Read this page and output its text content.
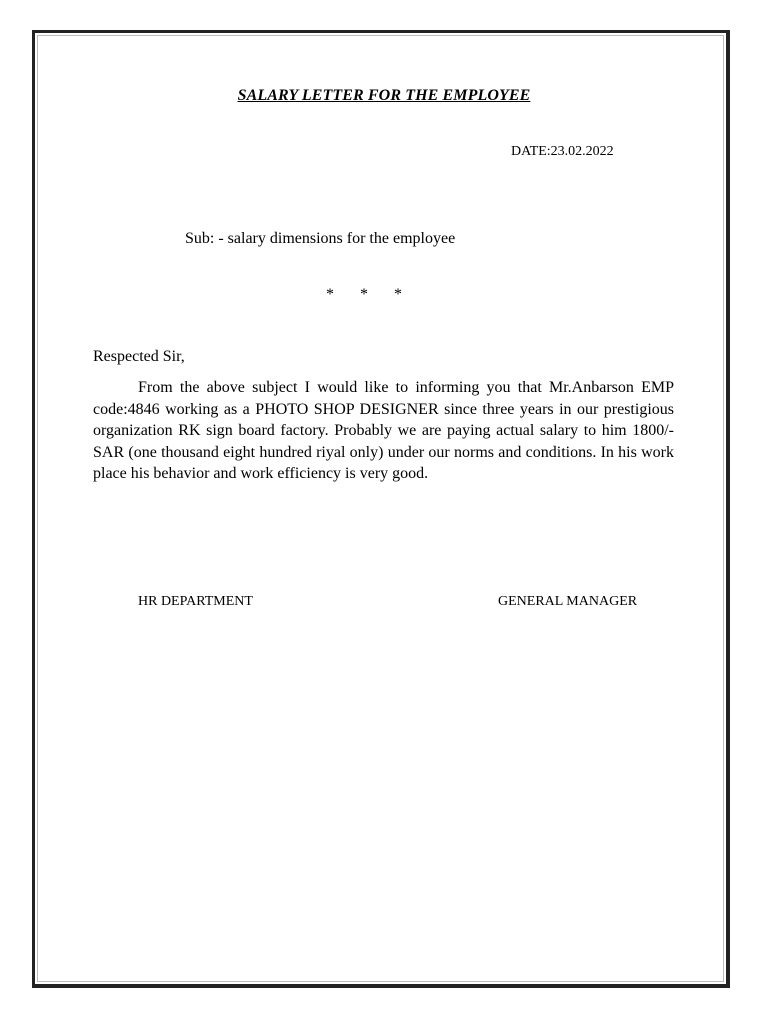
SALARY LETTER FOR THE EMPLOYEE
DATE:23.02.2022
Sub: - salary dimensions for the employee
* * *
Respected Sir,
From the above subject I would like to informing you that Mr.Anbarson EMP code:4846 working as a PHOTO SHOP DESIGNER since three years in our prestigious organization RK sign board factory. Probably we are paying actual salary to him 1800/- SAR (one thousand eight hundred riyal only) under our norms and conditions. In his work place his behavior and work efficiency is very good.
HR DEPARTMENT	GENERAL MANAGER
